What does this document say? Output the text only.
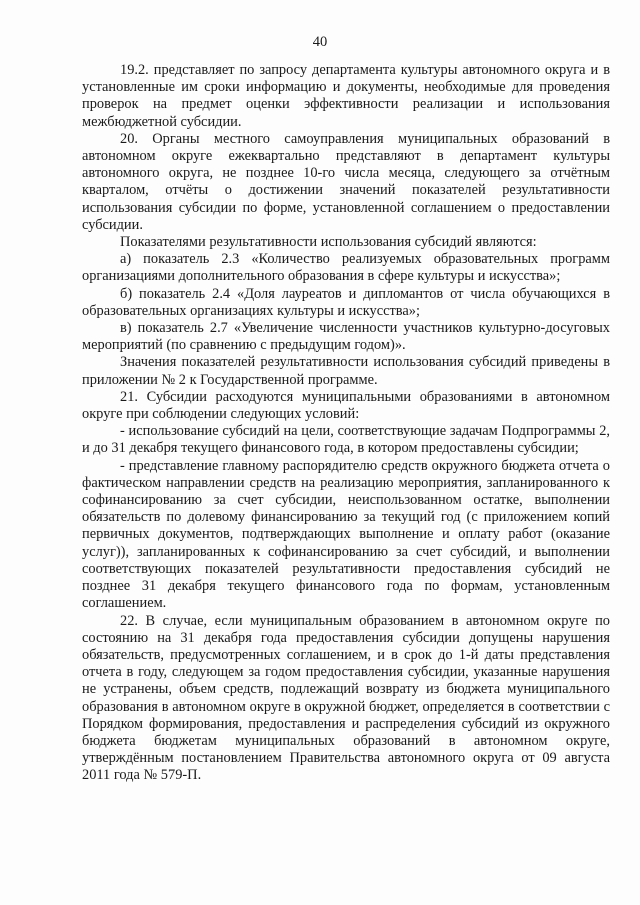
40

19.2. представляет по запросу департамента культуры автономного округа и в установленные им сроки информацию и документы, необходимые для проведения проверок на предмет оценки эффективности реализации и использования межбюджетной субсидии.

20. Органы местного самоуправления муниципальных образований в автономном округе ежеквартально представляют в департамент культуры автономного округа, не позднее 10-го числа месяца, следующего за отчётным кварталом, отчёты о достижении значений показателей результативности использования субсидии по форме, установленной соглашением о предоставлении субсидии.

Показателями результативности использования субсидий являются:

а) показатель 2.3 «Количество реализуемых образовательных программ организациями дополнительного образования в сфере культуры и искусства»;

б) показатель 2.4 «Доля лауреатов и дипломантов от числа обучающихся в образовательных организациях культуры и искусства»;

в) показатель 2.7 «Увеличение численности участников культурно-досуговых мероприятий (по сравнению с предыдущим годом)».

Значения показателей результативности использования субсидий приведены в приложении № 2 к Государственной программе.

21. Субсидии расходуются муниципальными образованиями в автономном округе при соблюдении следующих условий:

- использование субсидий на цели, соответствующие задачам Подпрограммы 2, и до 31 декабря текущего финансового года, в котором предоставлены субсидии;

- представление главному распорядителю средств окружного бюджета отчета о фактическом направлении средств на реализацию мероприятия, запланированного к софинансированию за счет субсидии, неиспользованном остатке, выполнении обязательств по долевому финансированию за текущий год (с приложением копий первичных документов, подтверждающих выполнение и оплату работ (оказание услуг)), запланированных к софинансированию за счет субсидий, и выполнении соответствующих показателей результативности предоставления субсидий не позднее 31 декабря текущего финансового года по формам, установленным соглашением.

22. В случае, если муниципальным образованием в автономном округе по состоянию на 31 декабря года предоставления субсидии допущены нарушения обязательств, предусмотренных соглашением, и в срок до 1-й даты представления отчета в году, следующем за годом предоставления субсидии, указанные нарушения не устранены, объем средств, подлежащий возврату из бюджета муниципального образования в автономном округе в окружной бюджет, определяется в соответствии с Порядком формирования, предоставления и распределения субсидий из окружного бюджета бюджетам муниципальных образований в автономном округе, утверждённым постановлением Правительства автономного округа от 09 августа 2011 года № 579-П.
